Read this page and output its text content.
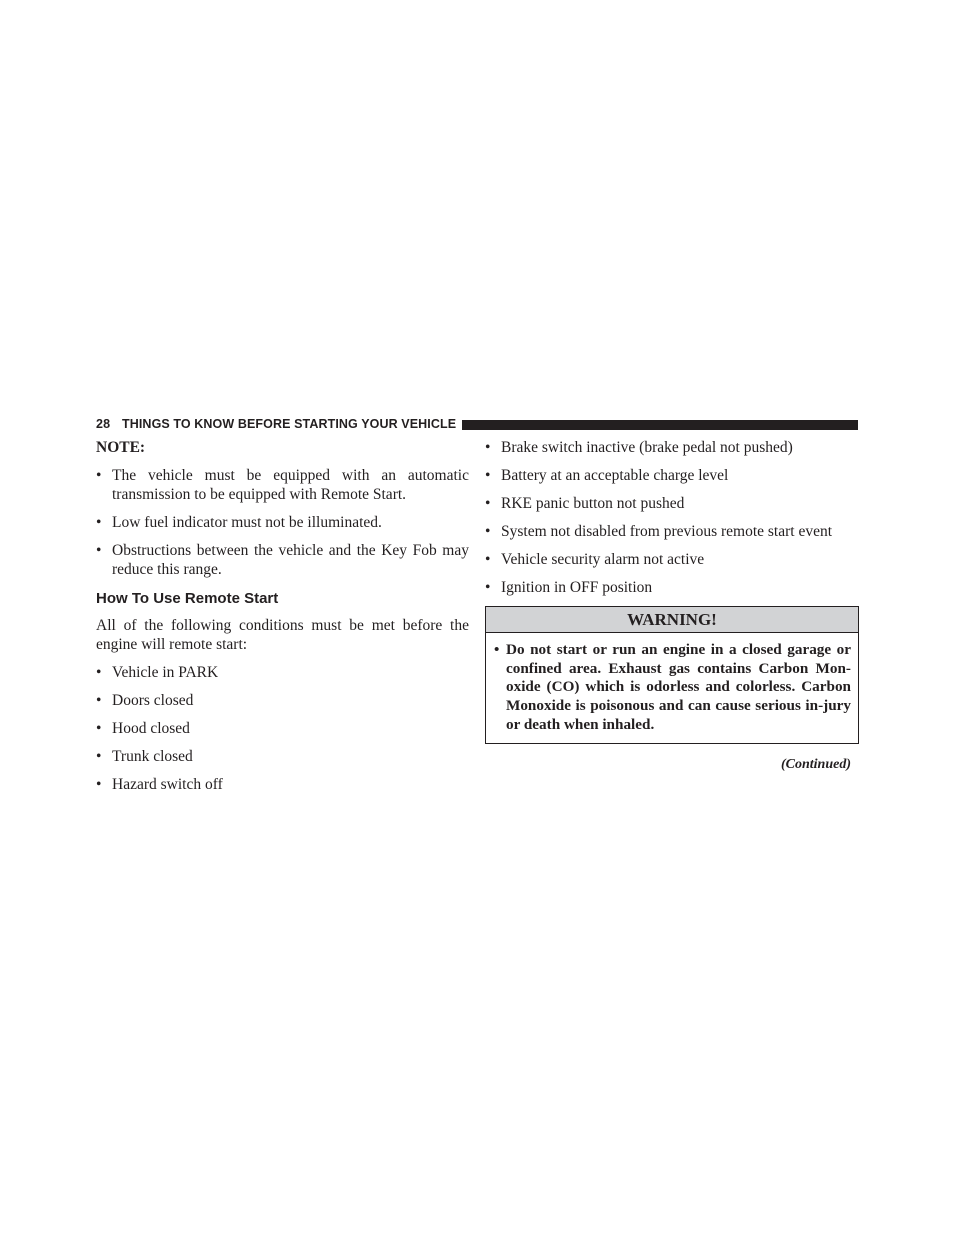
28 THINGS TO KNOW BEFORE STARTING YOUR VEHICLE
NOTE:
• The vehicle must be equipped with an automatic transmission to be equipped with Remote Start.
• Low fuel indicator must not be illuminated.
• Obstructions between the vehicle and the Key Fob may reduce this range.
How To Use Remote Start

All of the following conditions must be met before the engine will remote start:

• Vehicle in PARK
• Doors closed
• Hood closed
• Trunk closed
• Hazard switch off
• Brake switch inactive (brake pedal not pushed)
• Battery at an acceptable charge level
• RKE panic button not pushed
• System not disabled from previous remote start event
• Vehicle security alarm not active
• Ignition in OFF position
WARNING!
• Do not start or run an engine in a closed garage or confined area. Exhaust gas contains Carbon Mon-oxide (CO) which is odorless and colorless. Carbon Monoxide is poisonous and can cause serious in-jury or death when inhaled.
(Continued)
